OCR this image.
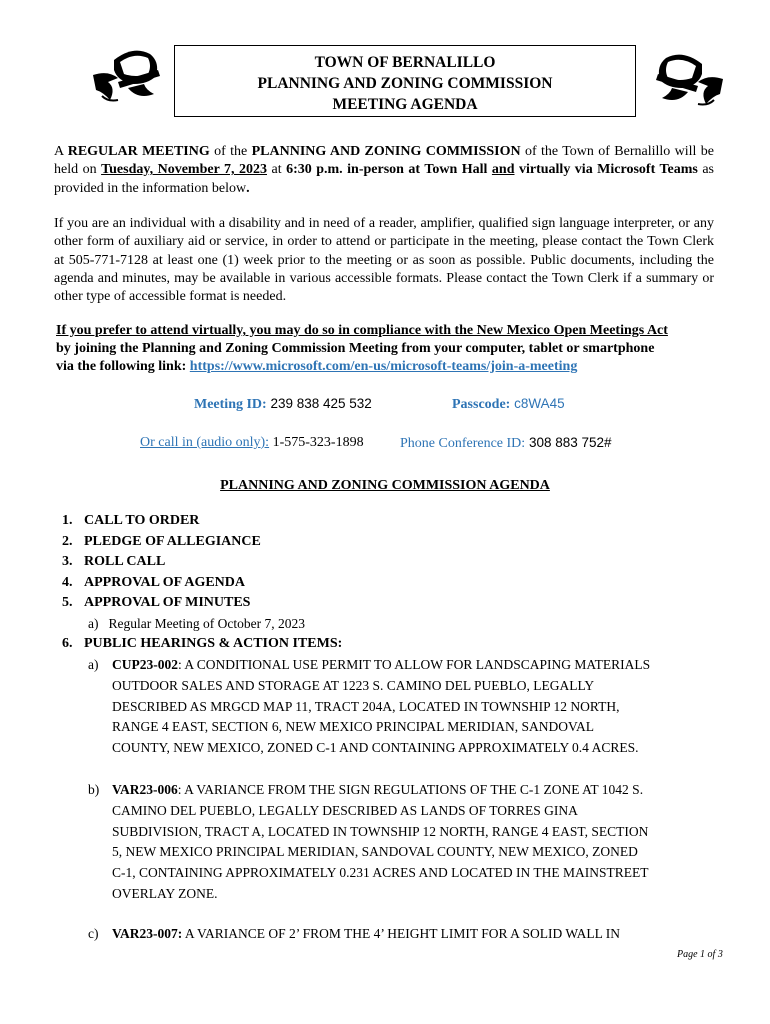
TOWN OF BERNALILLO
PLANNING AND ZONING COMMISSION
MEETING AGENDA
A REGULAR MEETING of the PLANNING AND ZONING COMMISSION of the Town of Bernalillo will be held on Tuesday, November 7, 2023 at 6:30 p.m. in-person at Town Hall and virtually via Microsoft Teams as provided in the information below.
If you are an individual with a disability and in need of a reader, amplifier, qualified sign language interpreter, or any other form of auxiliary aid or service, in order to attend or participate in the meeting, please contact the Town Clerk at 505-771-7128 at least one (1) week prior to the meeting or as soon as possible. Public documents, including the agenda and minutes, may be available in various accessible formats. Please contact the Town Clerk if a summary or other type of accessible format is needed.
If you prefer to attend virtually, you may do so in compliance with the New Mexico Open Meetings Act
by joining the Planning and Zoning Commission Meeting from your computer, tablet or smartphone
via the following link: https://www.microsoft.com/en-us/microsoft-teams/join-a-meeting
Meeting ID: 239 838 425 532	Passcode: c8WA45
Or call in (audio only): 1-575-323-1898	Phone Conference ID: 308 883 752#
PLANNING AND ZONING COMMISSION AGENDA
1. CALL TO ORDER
2. PLEDGE OF ALLEGIANCE
3. ROLL CALL
4. APPROVAL OF AGENDA
5. APPROVAL OF MINUTES
a) Regular Meeting of October 7, 2023
6. PUBLIC HEARINGS & ACTION ITEMS:
a) CUP23-002: A CONDITIONAL USE PERMIT TO ALLOW FOR LANDSCAPING MATERIALS
OUTDOOR SALES AND STORAGE AT 1223 S. CAMINO DEL PUEBLO, LEGALLY
DESCRIBED AS MRGCD MAP 11, TRACT 204A, LOCATED IN TOWNSHIP 12 NORTH,
RANGE 4 EAST, SECTION 6, NEW MEXICO PRINCIPAL MERIDIAN, SANDOVAL
COUNTY, NEW MEXICO, ZONED C-1 AND CONTAINING APPROXIMATELY 0.4 ACRES.
b) VAR23-006: A VARIANCE FROM THE SIGN REGULATIONS OF THE C-1 ZONE AT 1042 S.
CAMINO DEL PUEBLO, LEGALLY DESCRIBED AS LANDS OF TORRES GINA
SUBDIVISION, TRACT A, LOCATED IN TOWNSHIP 12 NORTH, RANGE 4 EAST, SECTION
5, NEW MEXICO PRINCIPAL MERIDIAN, SANDOVAL COUNTY, NEW MEXICO, ZONED
C-1, CONTAINING APPROXIMATELY 0.231 ACRES AND LOCATED IN THE MAINSTREET
OVERLAY ZONE.
c) VAR23-007: A VARIANCE OF 2’ FROM THE 4’ HEIGHT LIMIT FOR A SOLID WALL IN
Page 1 of 3
